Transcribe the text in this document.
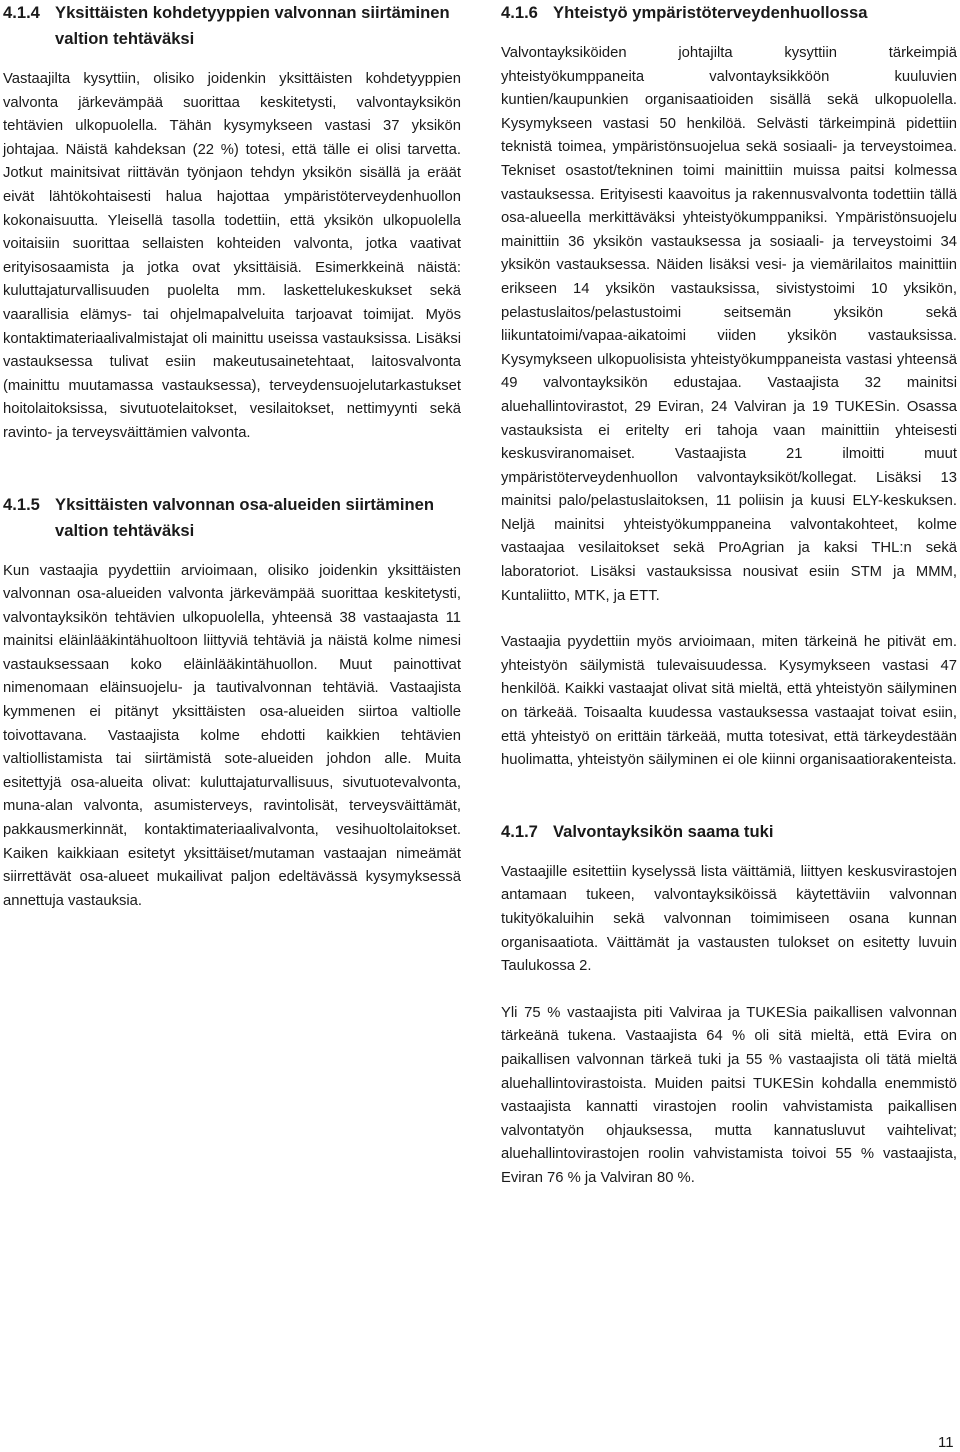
4.1.4 Yksittäisten kohdetyyppien valvonnan siirtäminen valtion tehtäväksi

Vastaajilta kysyttiin, olisiko joidenkin yksittäisten kohdetyyppien valvonta järkevämpää suorittaa keskitetysti, valvontayksikön tehtävien ulkopuolella. Tähän kysymykseen vastasi 37 yksikön johtajaa. Näistä kahdeksan (22 %) totesi, että tälle ei olisi tarvetta. Jotkut mainitsivat riittävän työnjaon tehdyn yksikön sisällä ja eräät eivät lähtökohtaisesti halua hajottaa ympäristöterveydenhuollon kokonaisuutta. Yleisellä tasolla todettiin, että yksikön ulkopuolella voitaisiin suorittaa sellaisten kohteiden valvonta, jotka vaativat erityisosaamista ja jotka ovat yksittäisiä. Esimerkkeinä näistä: kuluttajaturvallisuuden puolelta mm. laskettelukeskukset sekä vaarallisia elämys- tai ohjelmapalveluita tarjoavat toimijat. Myös kontaktimateriaalivalmistajat oli mainittu useissa vastauksissa. Lisäksi vastauksessa tulivat esiin makeutusainetehtaat, laitosvalvonta (mainittu muutamassa vastauksessa), terveydensuojelutarkastukset hoitolaitoksissa, sivutuotelaitokset, vesilaitokset, nettimyynti sekä ravinto- ja terveysväittämien valvonta.

4.1.5 Yksittäisten valvonnan osa-alueiden siirtäminen valtion tehtäväksi

Kun vastaajia pyydettiin arvioimaan, olisiko joidenkin yksittäisten valvonnan osa-alueiden valvonta järkevämpää suorittaa keskitetysti, valvontayksikön tehtävien ulkopuolella, yhteensä 38 vastaajasta 11 mainitsi eläinlääkintähuoltoon liittyviä tehtäviä ja näistä kolme nimesi vastauksessaan koko eläinlääkintähuollon. Muut painottivat nimenomaan eläinsuojelu- ja tautivalvonnan tehtäviä. Vastaajista kymmenen ei pitänyt yksittäisten osa-alueiden siirtoa valtiolle toivottavana. Vastaajista kolme ehdotti kaikkien tehtävien valtiollistamista tai siirtämistä sote-alueiden johdon alle. Muita esitettyjä osa-alueita olivat: kuluttajaturvallisuus, sivutuotevalvonta, muna-alan valvonta, asumisterveys, ravintolisät, terveysväittämät, pakkausmerkinnät, kontaktimateriaalivalvonta, vesihuoltolaitokset. Kaiken kaikkiaan esitetyt yksittäiset/mutaman vastaajan nimeämät siirrettävät osa-alueet mukailivat paljon edeltävässä kysymyksessä annettuja vastauksia.

4.1.6 Yhteistyö ympäristöterveydenhuollossa

Valvontayksiköiden johtajilta kysyttiin tärkeimpiä yhteistyökumppaneita valvontayksikköön kuuluvien kuntien/kaupunkien organisaatioiden sisällä sekä ulkopuolella. Kysymykseen vastasi 50 henkilöä. Selvästi tärkeimpinä pidettiin teknistä toimea, ympäristönsuojelua sekä sosiaali- ja terveystoimea. Tekniset osastot/tekninen toimi mainittiin muissa paitsi kolmessa vastauksessa. Erityisesti kaavoitus ja rakennusvalvonta todettiin tällä osa-alueella merkittäväksi yhteistyökumppaniksi. Ympäristönsuojelu mainittiin 36 yksikön vastauksessa ja sosiaali- ja terveystoimi 34 yksikön vastauksessa. Näiden lisäksi vesi- ja viemärilaitos mainittiin erikseen 14 yksikön vastauksissa, sivistystoimi 10 yksikön, pelastuslaitos/pelastustoimi seitsemän yksikön sekä liikuntatoimi/vapaa-aikatoimi viiden yksikön vastauksissa. Kysymykseen ulkopuolisista yhteistyökumppaneista vastasi yhteensä 49 valvontayksikön edustajaa. Vastaajista 32 mainitsi aluehallintovirastot, 29 Eviran, 24 Valviran ja 19 TUKESin. Osassa vastauksista ei eritelty eri tahoja vaan mainittiin yhteisesti keskusviranomaiset. Vastaajista 21 ilmoitti muut ympäristöterveydenhuollon valvontayksiköt/kollegat. Lisäksi 13 mainitsi palo/pelastuslaitoksen, 11 poliisin ja kuusi ELY-keskuksen. Neljä mainitsi yhteistyökumppaneina valvontakohteet, kolme vastaajaa vesilaitokset sekä ProAgrian ja kaksi THL:n sekä laboratoriot. Lisäksi vastauksissa nousivat esiin STM ja MMM, Kuntaliitto, MTK, ja ETT.

Vastaajia pyydettiin myös arvioimaan, miten tärkeinä he pitivät em. yhteistyön säilymistä tulevaisuudessa. Kysymykseen vastasi 47 henkilöä. Kaikki vastaajat olivat sitä mieltä, että yhteistyön säilyminen on tärkeää. Toisaalta kuudessa vastauksessa vastaajat toivat esiin, että yhteistyö on erittäin tärkeää, mutta totesivat, että tärkeydestään huolimatta, yhteistyön säilyminen ei ole kiinni organisaatiorakenteista.

4.1.7 Valvontayksikön saama tuki

Vastaajille esitettiin kyselyssä lista väittämiä, liittyen keskusvirastojen antamaan tukeen, valvontayksiköissä käytettäviin valvonnan tukityökaluihin sekä valvonnan toimimiseen osana kunnan organisaatiota. Väittämät ja vastausten tulokset on esitetty luvuin Taulukossa 2.

Yli 75 % vastaajista piti Valviraa ja TUKESia paikallisen valvonnan tärkeänä tukena. Vastaajista 64 % oli sitä mieltä, että Evira on paikallisen valvonnan tärkeä tuki ja 55 % vastaajista oli tätä mieltä aluehallintovirastoista. Muiden paitsi TUKESin kohdalla enemmistö vastaajista kannatti virastojen roolin vahvistamista paikallisen valvontatyön ohjauksessa, mutta kannatusluvut vaihtelivat; aluehallintovirastojen roolin vahvistamista toivoi 55 % vastaajista, Eviran 76 % ja Valviran 80 %.

11
